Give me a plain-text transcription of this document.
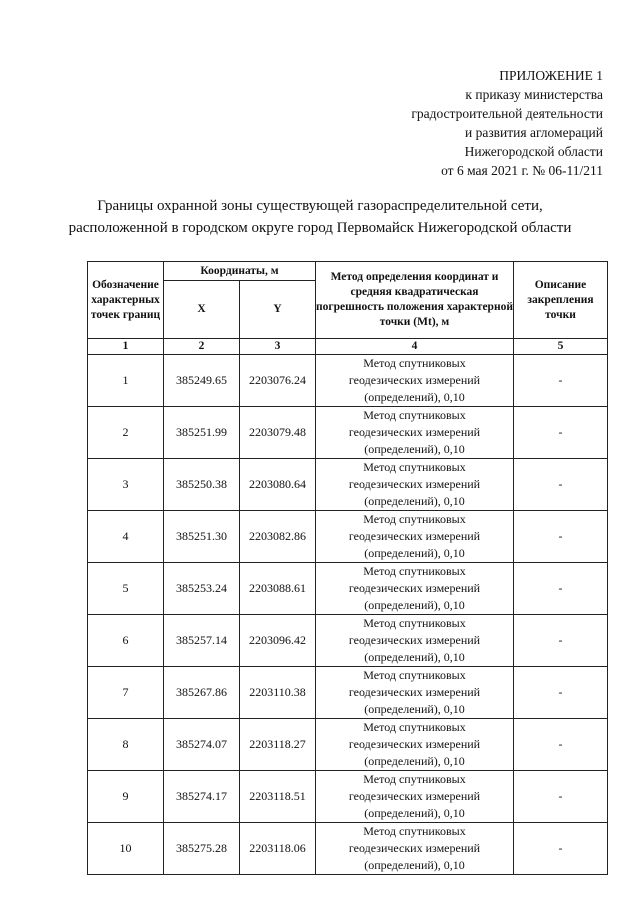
ПРИЛОЖЕНИЕ 1
к приказу министерства
градостроительной деятельности
и развития агломераций
Нижегородской области
от 6 мая 2021 г. № 06-11/211
Границы охранной зоны существующей газораспределительной сети,
расположенной в городском округе город Первомайск Нижегородской области
Обозначение характерных точек границ	Координаты, м		Метод определения координат и средняя квадратическая погрешность положения характерной точки (Mt), м	Описание закрепления точки
	X	Y		
1	2	3	4	5
1	385249.65	2203076.24	Метод спутниковых
геодезических измерений
(определений), 0,10	-
2	385251.99	2203079.48	Метод спутниковых
геодезических измерений
(определений), 0,10	-
3	385250.38	2203080.64	Метод спутниковых
геодезических измерений
(определений), 0,10	-
4	385251.30	2203082.86	Метод спутниковых
геодезических измерений
(определений), 0,10	-
5	385253.24	2203088.61	Метод спутниковых
геодезических измерений
(определений), 0,10	-
6	385257.14	2203096.42	Метод спутниковых
геодезических измерений
(определений), 0,10	-
7	385267.86	2203110.38	Метод спутниковых
геодезических измерений
(определений), 0,10	-
8	385274.07	2203118.27	Метод спутниковых
геодезических измерений
(определений), 0,10	-
9	385274.17	2203118.51	Метод спутниковых
геодезических измерений
(определений), 0,10	-
10	385275.28	2203118.06	Метод спутниковых
геодезических измерений
(определений), 0,10	-
